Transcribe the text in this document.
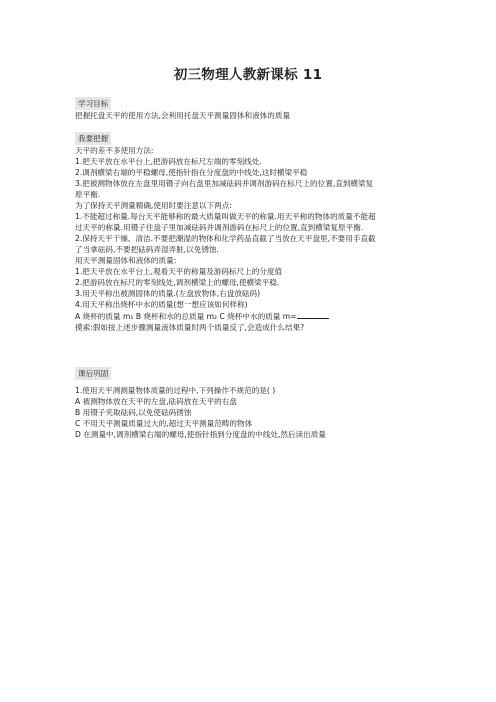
初三物理人教新课标 11
学习目标

把握托盘天平的使用方法,会利用托盘天平测量固体和液体的质量

我要把握

天平的差不多使用方法:

1.把天平放在水平台上,把游码放在标尺左端的零刻线处.

2.调剂横梁右端的平稳螺母,使指针指在分度盘的中线处,这时横梁平稳

3.把被测物体放在左盘里用镊子向右盘里加减砝码并调剂游码在标尺上的位置,直到横梁复

原平衡.

为了保持天平测量精确,使用时要注意以下两点:

1.不能超过称量.每台天平能够称的最大质量叫做天平的称量.用天平称的物体的质量不能超

过天平的称量.用镊子往盘子里加减砝码并调剂游码在标尺上的位置,直到横梁复原平衡.

2.保持天平干燥、清洁.不要把潮湿的物体和化学药品直截了当放在天平盘里,不要用手直截

了当拿砝码,不要把砝码弄湿弄脏,以免锈蚀.

用天平测量固体和液体的质量:

1.把天平放在水平台上,观看天平的称量及游码标尺上的分度值

2.把游码放在标尺的零刻线处,调剂横梁上的螺母,使横梁平稳.

3.用天平称出被测固体的质量.(左盘放物体,右盘放砝码)

4.用天平称出烧杯中水的质量(想一想应该如何样称)

A 烧杯的质量 m₁ B 烧杯和水的总质量 m₂ C 烧杯中水的质量 m=

摸索:假如按上述步骤测量液体质量时两个质量反了,会造成什么结果?

课后巩固

1.使用天平测测量物体质量的过程中,下列操作不规范的是( )

A 被测物体放在天平的左盘,砝码放在天平的右盘

B 用镊子夹取砝码,以免使砝码锈蚀

C 不用天平测量质量过大的,超过天平测量范畴的物体

D 在测量中,调剂横梁右端的螺母,使指针指到分度盘的中线处,然后读出质量
